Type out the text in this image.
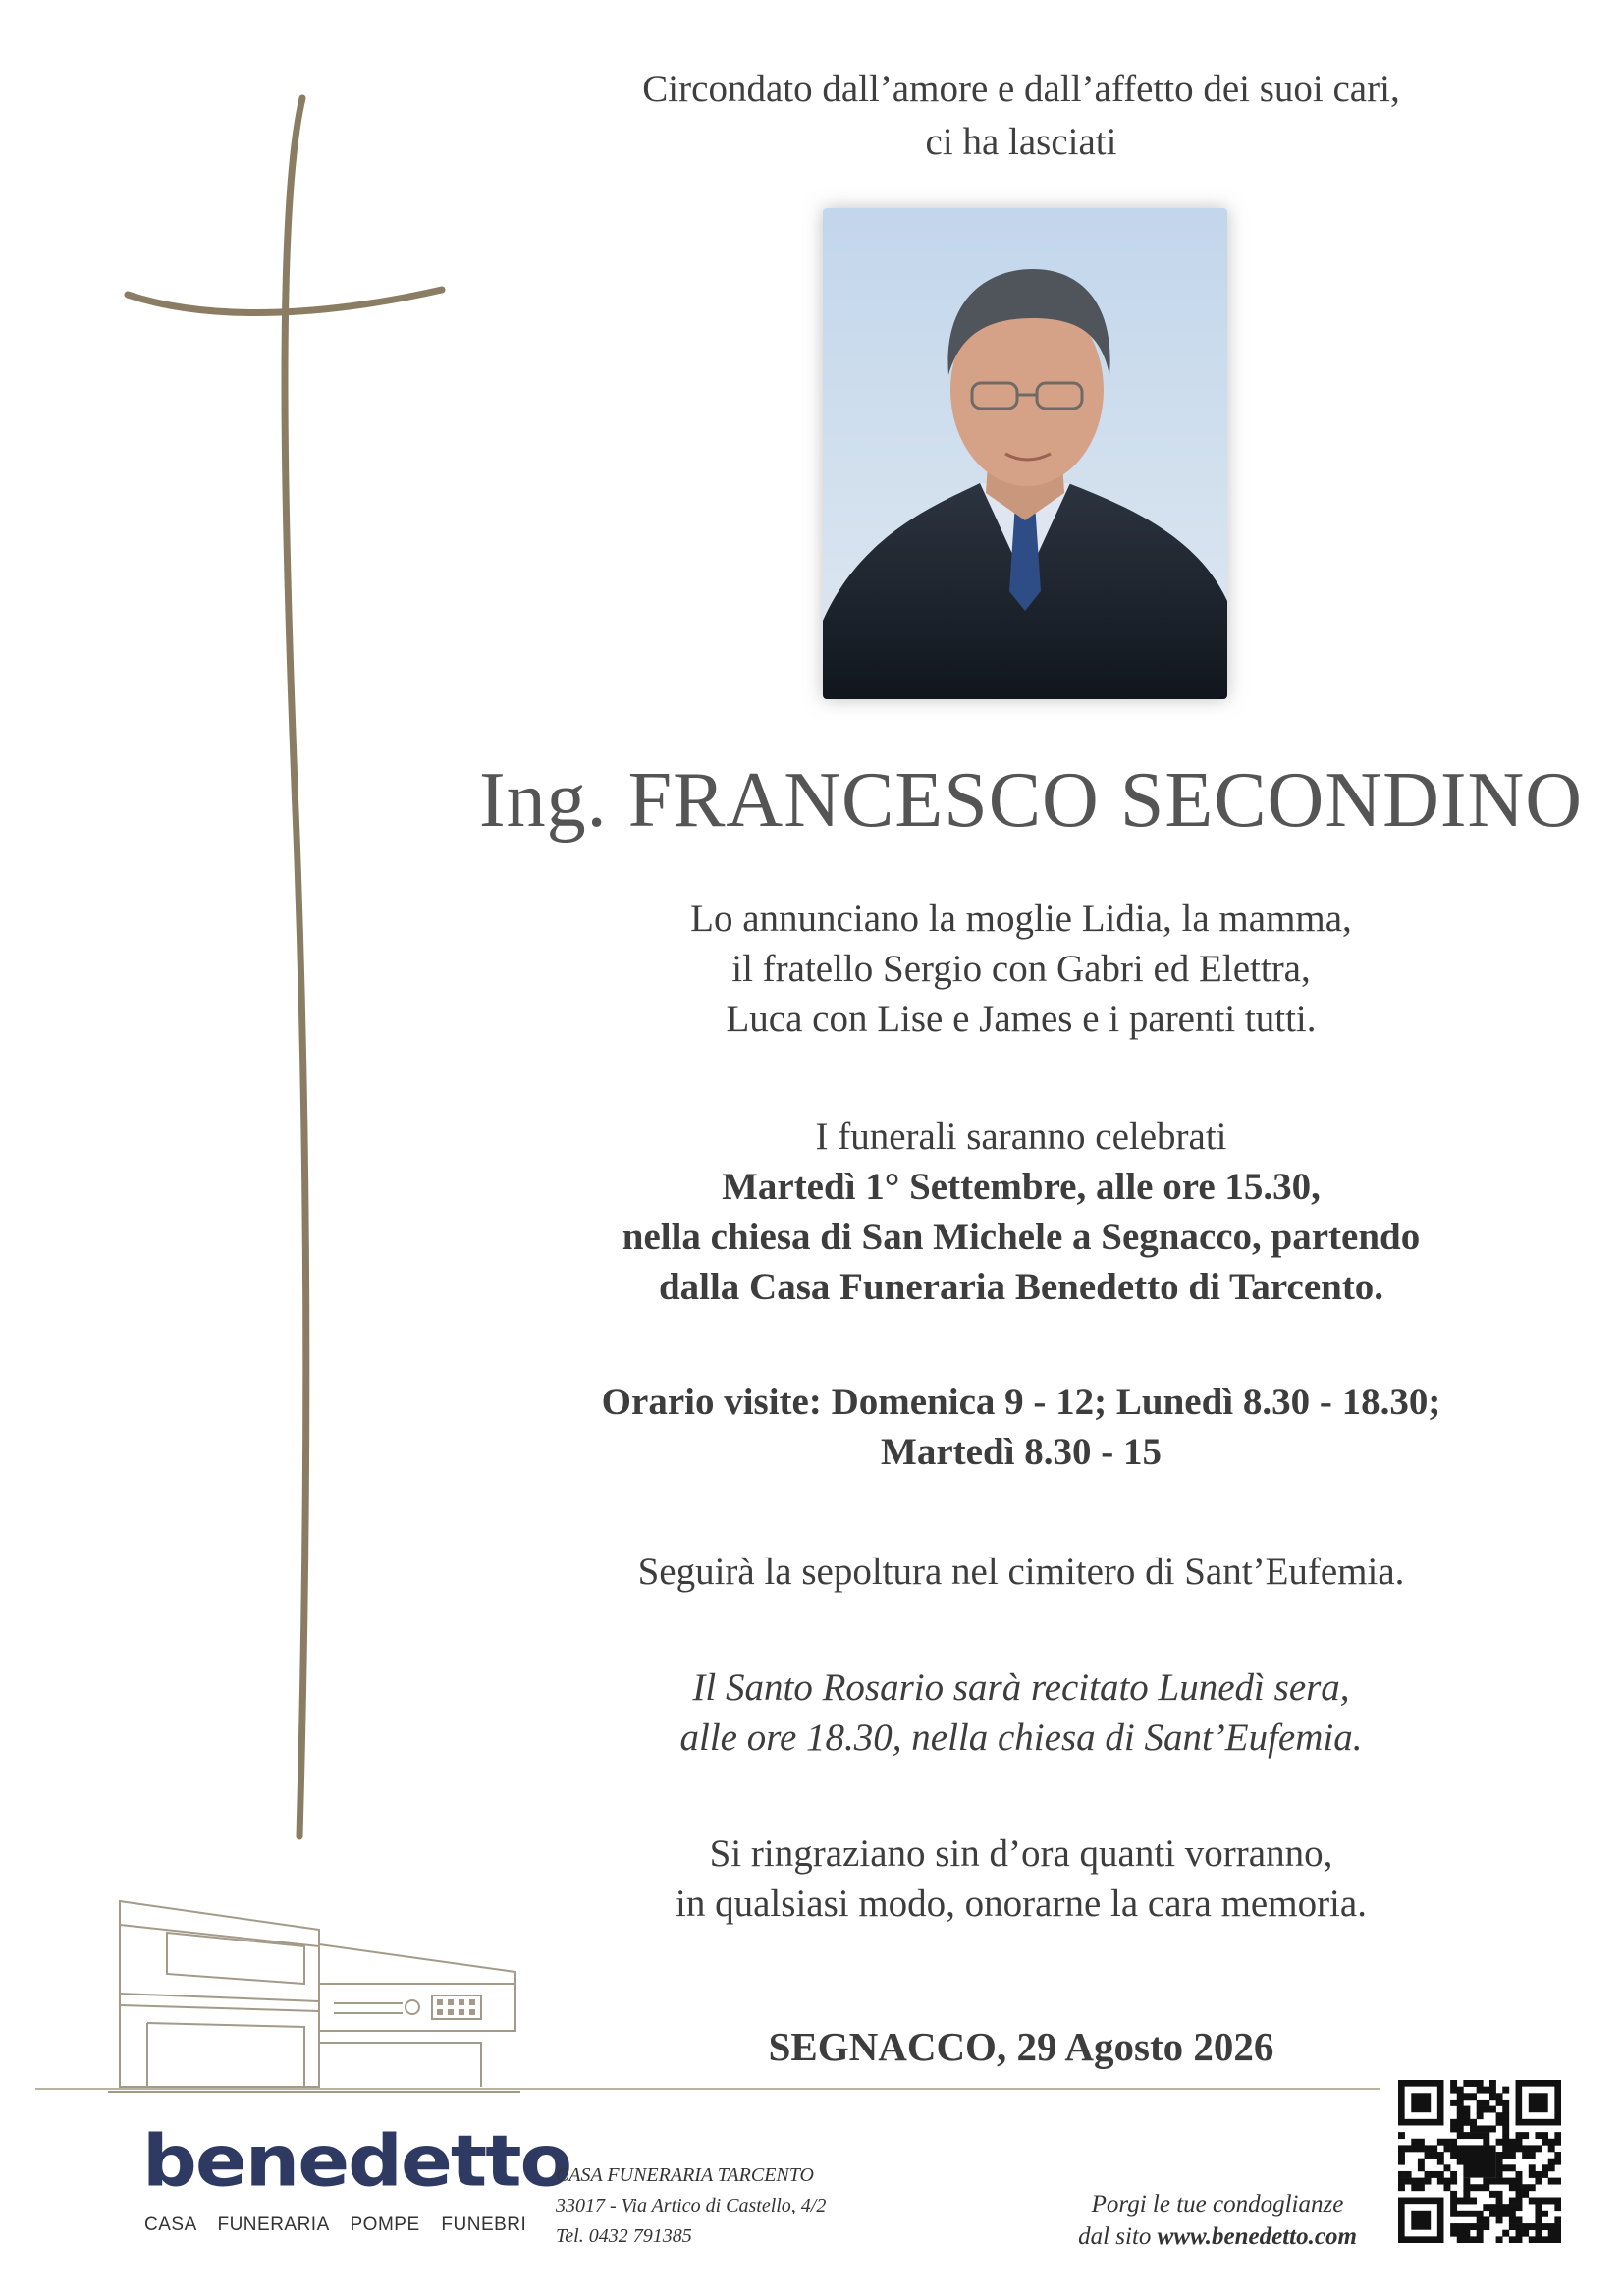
Circondato dall’amore e dall’affetto dei suoi cari,
ci ha lasciati
Ing. FRANCESCO SECONDINO
Lo annunciano la moglie Lidia, la mamma,
il fratello Sergio con Gabri ed Elettra,
Luca con Lise e James e i parenti tutti.
I funerali saranno celebrati
Martedì 1° Settembre, alle ore 15.30,
nella chiesa di San Michele a Segnacco, partendo
dalla Casa Funeraria Benedetto di Tarcento.
Orario visite: Domenica 9 - 12; Lunedì 8.30 - 18.30;
Martedì 8.30 - 15
Seguirà la sepoltura nel cimitero di Sant’Eufemia.
Il Santo Rosario sarà recitato Lunedì sera,
alle ore 18.30, nella chiesa di Sant’Eufemia.
Si ringraziano sin d’ora quanti vorranno,
in qualsiasi modo, onorarne la cara memoria.
SEGNACCO, 29 Agosto 2026
benedetto
CASA FUNERARIA POMPE FUNEBRI
CASA FUNERARIA TARCENTO
33017 - Via Artico di Castello, 4/2
Tel. 0432 791385
Porgi le tue condoglianze
dal sito www.benedetto.com
